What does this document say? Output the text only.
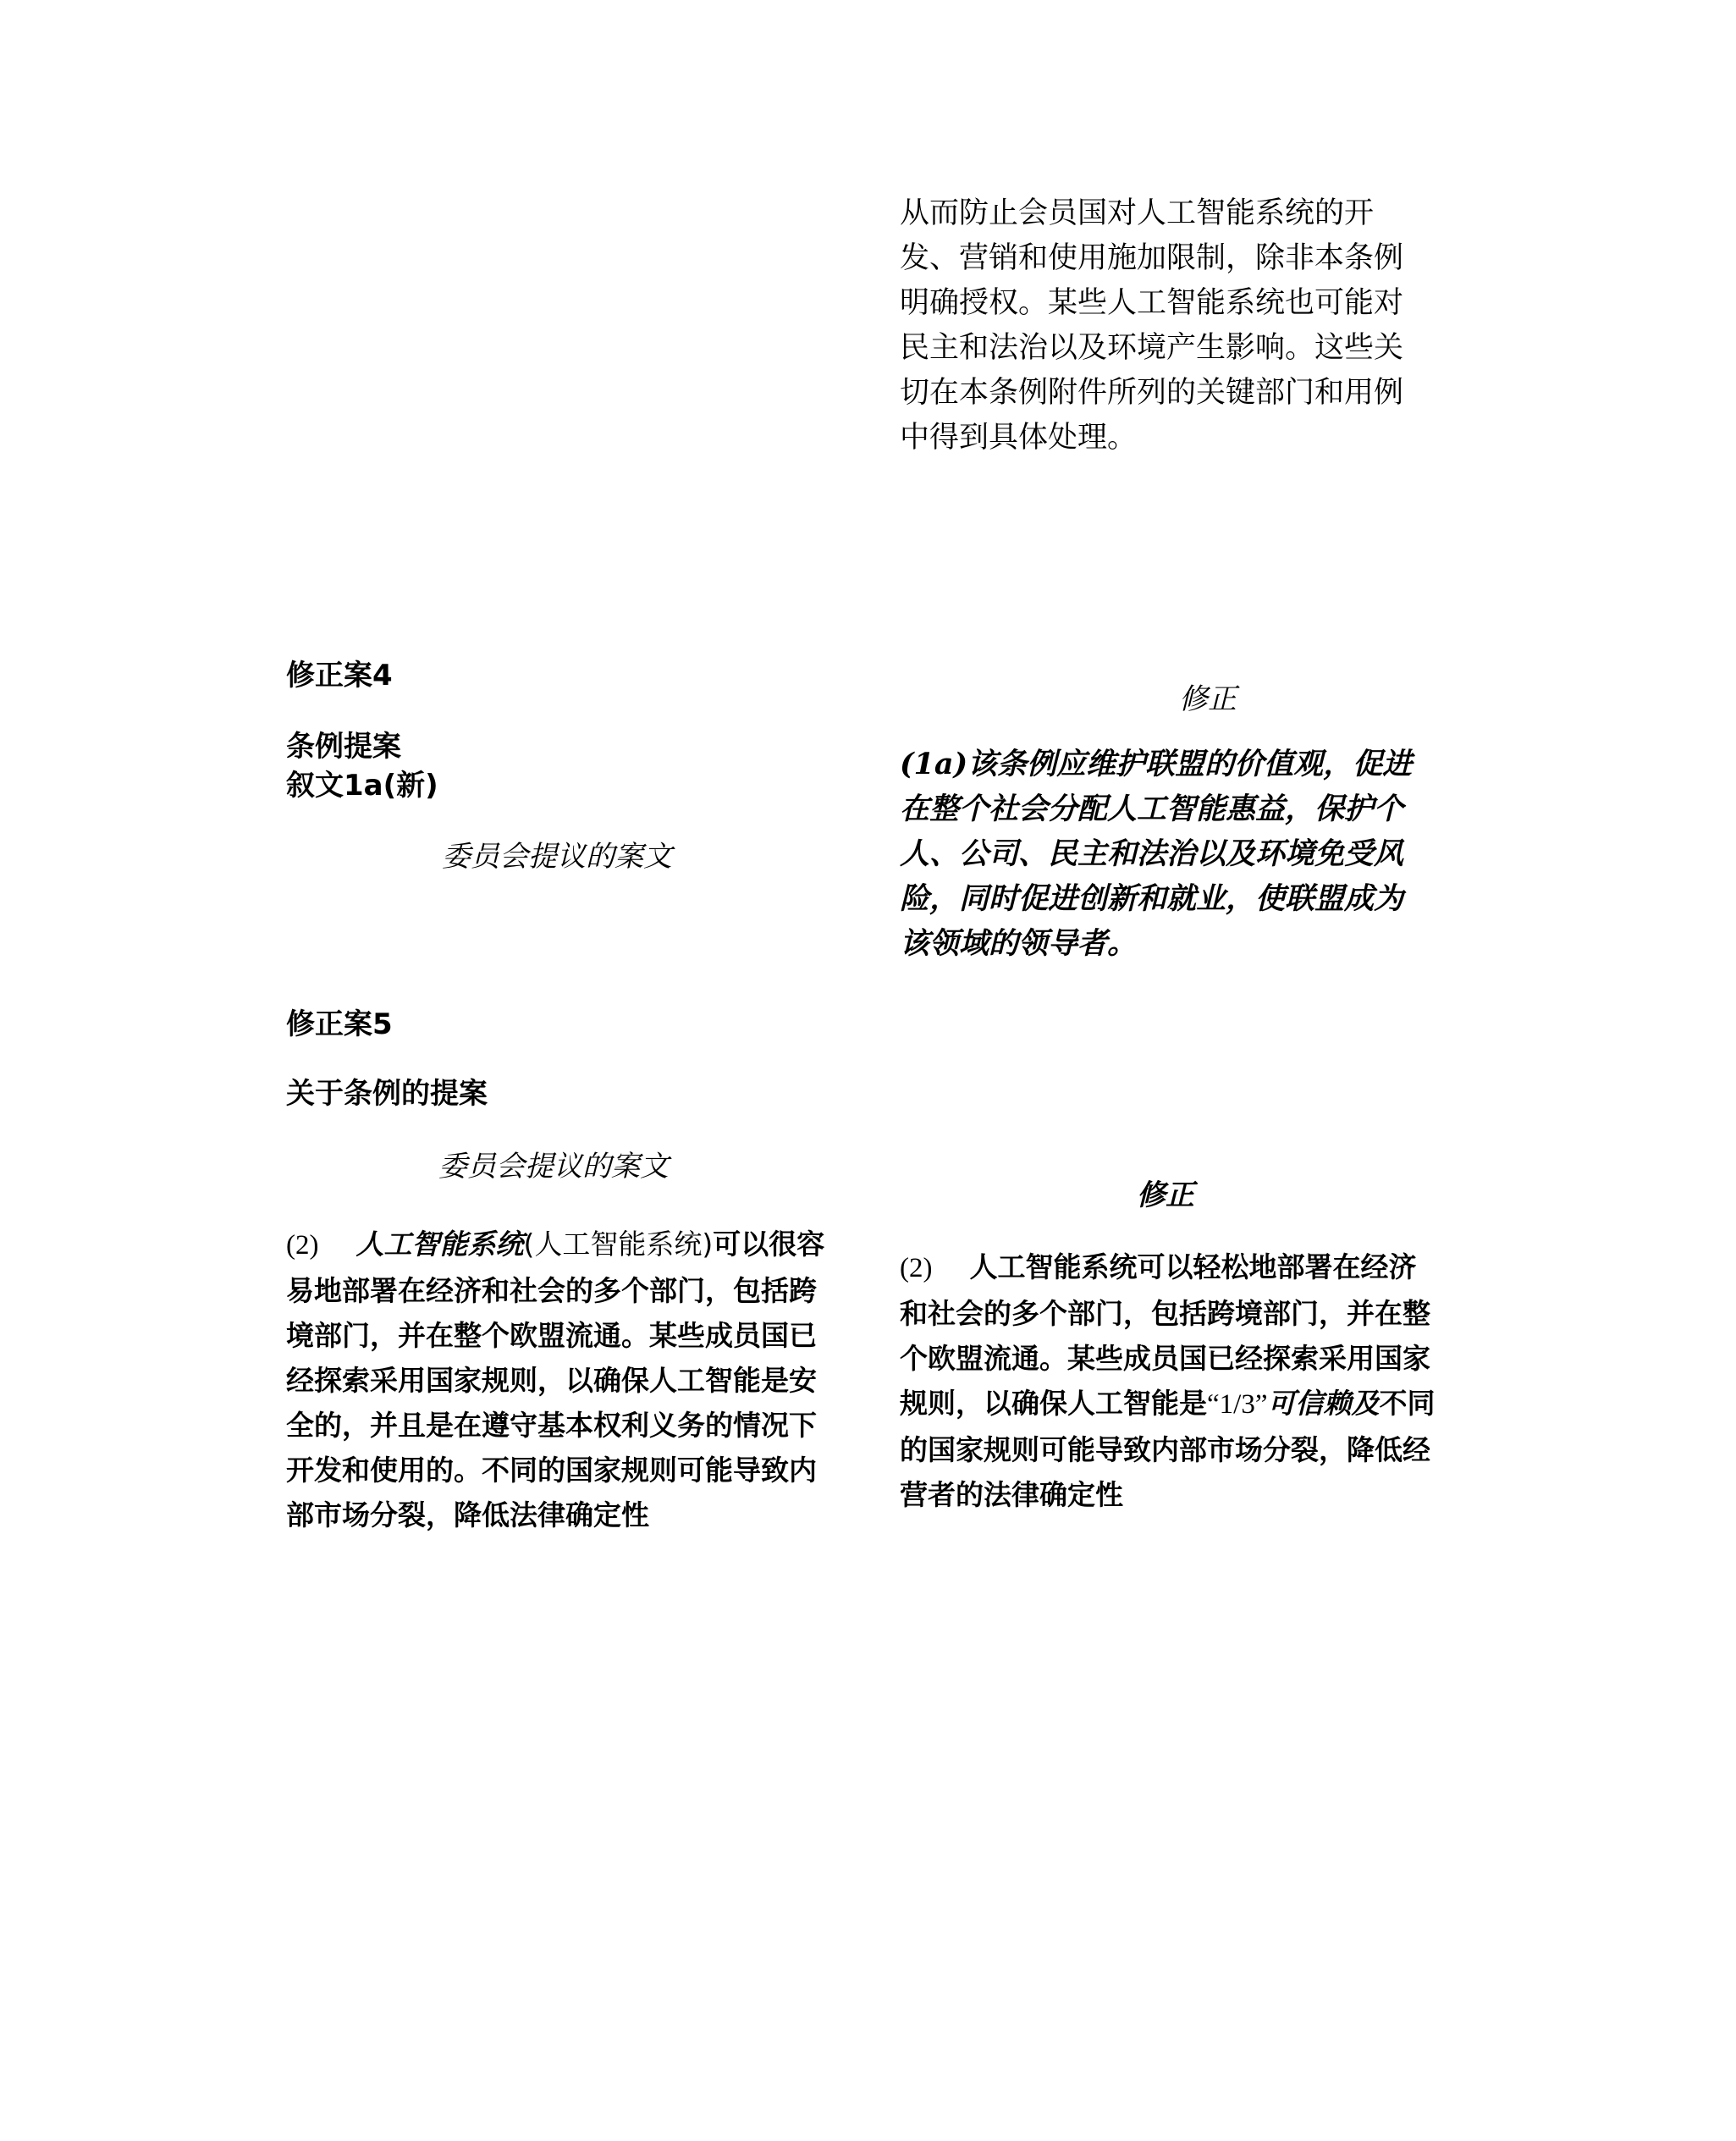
从而防止会员国对人工智能系统的开发、营销和使用施加限制，除非本条例明确授权。某些人工智能系统也可能对民主和法治以及环境产生影响。这些关切在本条例附件所列的关键部门和用例中得到具体处理。
修正案4
条例提案
叙文1a(新)
委员会提议的案文
修正
(1a)该条例应维护联盟的价值观，促进在整个社会分配人工智能惠益，保护个人、公司、民主和法治以及环境免受风险，同时促进创新和就业，使联盟成为该领域的领导者。
修正案5
关于条例的提案
委员会提议的案文
修正
(2) 人工智能系统(人工智能系统)可以很容易地部署在经济和社会的多个部门，包括跨境部门，并在整个欧盟流通。某些成员国已经探索采用国家规则，以确保人工智能是安全的，并且是在遵守基本权利义务的情况下开发和使用的。不同的国家规则可能导致内部市场分裂，降低法律确定性
(2) 人工智能系统可以轻松地部署在经济和社会的多个部门，包括跨境部门，并在整个欧盟流通。某些成员国已经探索采用国家规则，以确保人工智能是“1/3”可信赖及不同的国家规则可能导致内部市场分裂，降低经营者的法律确定性
